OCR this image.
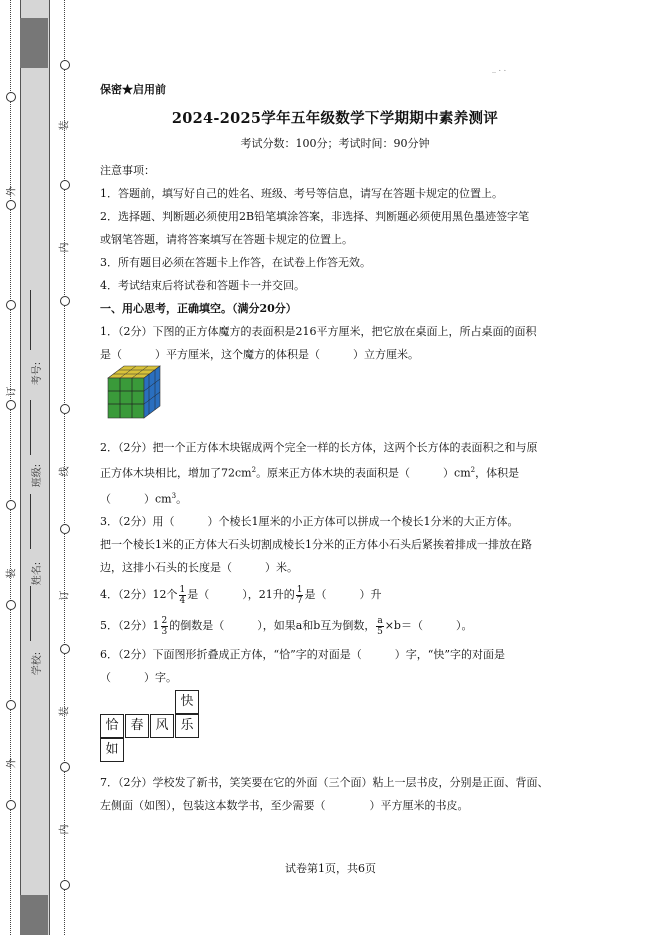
装
内
线
订
装
内
外
订
装
外
考号:
班级:
姓名:
学校:
_ . .

保密★启用前

2024-2025学年五年级数学下学期期中素养测评

考试分数：100分；考试时间：90分钟

注意事项：

1．答题前，填写好自己的姓名、班级、考号等信息，请写在答题卡规定的位置上。

2．选择题、判断题必须使用2B铅笔填涂答案，非选择、判断题必须使用黑色墨迹签字笔

或钢笔答题，请将答案填写在答题卡规定的位置上。

3．所有题目必须在答题卡上作答，在试卷上作答无效。

4．考试结束后将试卷和答题卡一并交回。

一、用心思考，正确填空。（满分20分）

1．（2分）下图的正方体魔方的表面积是216平方厘米，把它放在桌面上，所占桌面的面积

是（　　　）平方厘米，这个魔方的体积是（　　　）立方厘米。

2．（2分）把一个正方体木块锯成两个完全一样的长方体，这两个长方体的表面积之和与原

正方体木块相比，增加了$72cm^2$。原来正方体木块的表面积是（　　　）$cm^2$，体积是

（　　　）$cm^3$。

3．（2分）用（　　　）个棱长1厘米的小正方体可以拼成一个棱长1分米的大正方体。

把一个棱长1米的正方体大石头切割成棱长1分米的正方体小石头后紧挨着排成一排放在路

边，这排小石头的长度是（　　　）米。

4．（2分）12个 $\frac{1}{4}$ 是（　　　），21升的 $\frac{1}{7}$ 是（　　　）升

5．（2分）$1 \frac{2}{3}$ 的倒数是（　　　），如果a和b互为倒数， $\frac{a}{5} \times b=$（　　　）。

6．（2分）下面图形折叠成正方体，“恰”字的对面是（　　　）字，“快”字的对面是

（　　　）字。

7．（2分）学校发了新书，笑笑要在它的外面（三个面）粘上一层书皮，分别是正面、背面、

左侧面（如图），包装这本数学书，至少需要（　　　　）平方厘米的书皮。

快
恰 春 风 乐
如
试卷第1页，共6页
